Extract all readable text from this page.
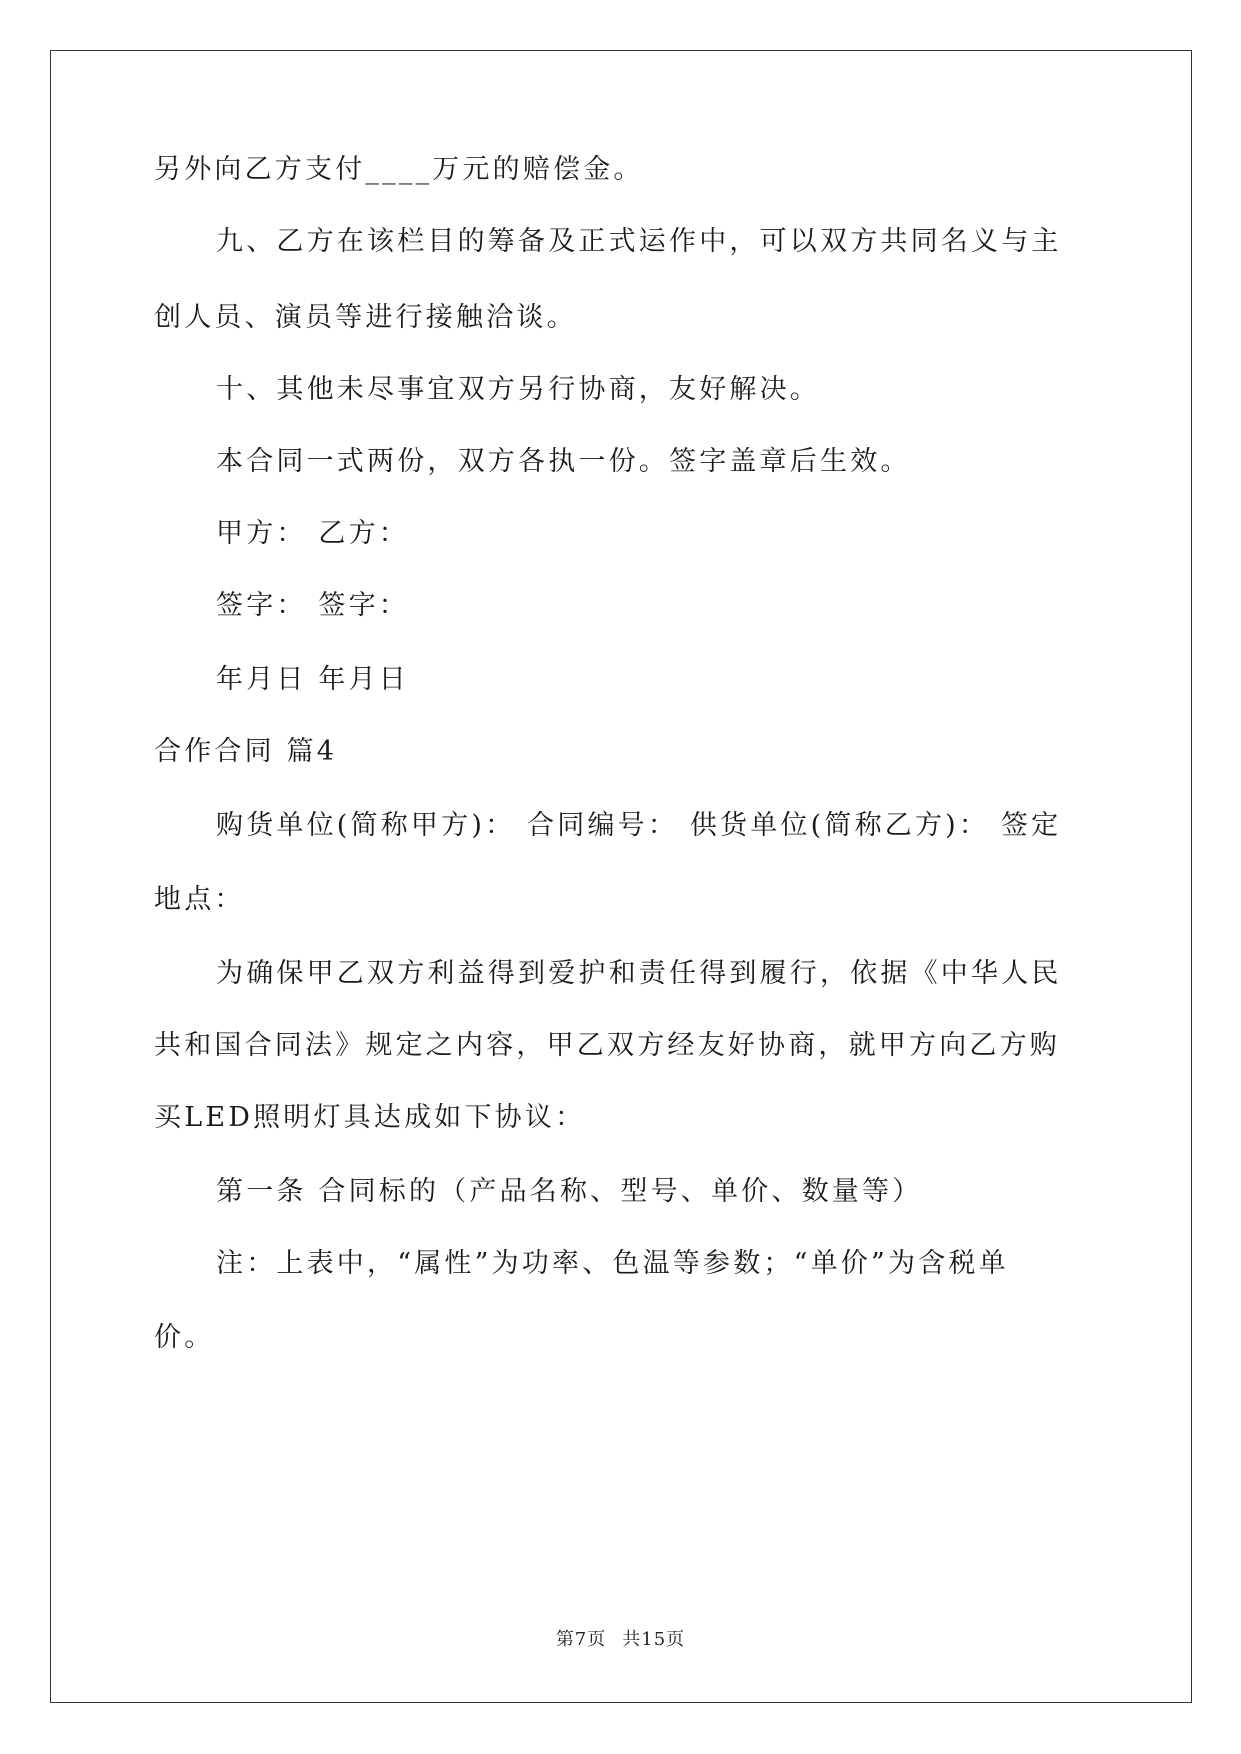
另外向乙方支付____万元的赔偿金。
九、乙方在该栏目的筹备及正式运作中，可以双方共同名义与主
创人员、演员等进行接触洽谈。
十、其他未尽事宜双方另行协商，友好解决。
本合同一式两份，双方各执一份。签字盖章后生效。
甲方： 乙方：
签字： 签字：
年月日 年月日
合作合同 篇4
购货单位(简称甲方)： 合同编号： 供货单位(简称乙方)： 签定
地点：
为确保甲乙双方利益得到爱护和责任得到履行，依据《中华人民
共和国合同法》规定之内容，甲乙双方经友好协商，就甲方向乙方购
买LED照明灯具达成如下协议：
第一条 合同标的（产品名称、型号、单价、数量等）
注：上表中，“属性”为功率、色温等参数；“单价”为含税单
价。
第7页 共15页
